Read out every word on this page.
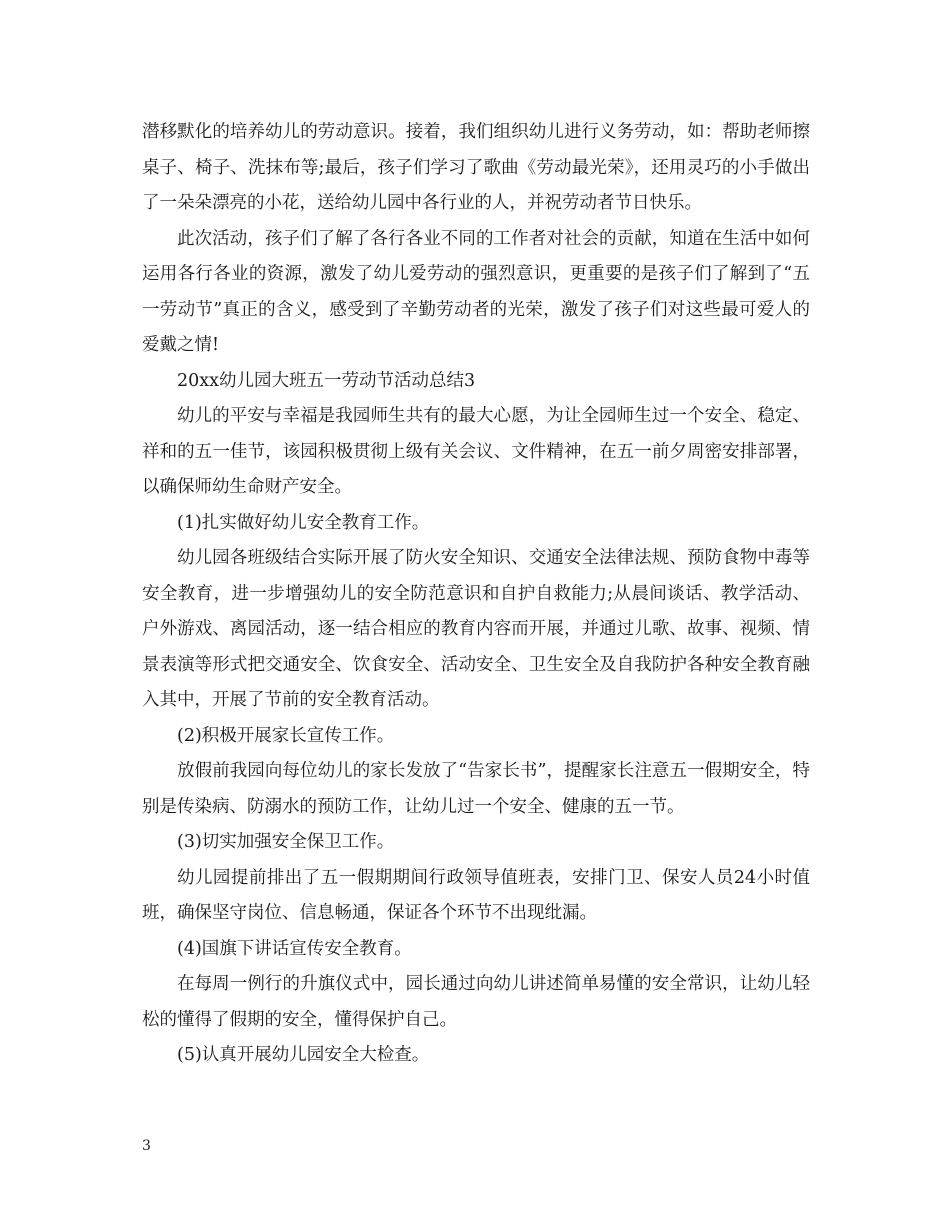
潜移默化的培养幼儿的劳动意识。接着，我们组织幼儿进行义务劳动，如：帮助老师擦桌子、椅子、洗抹布等;最后，孩子们学习了歌曲《劳动最光荣》，还用灵巧的小手做出了一朵朵漂亮的小花，送给幼儿园中各行业的人，并祝劳动者节日快乐。

此次活动，孩子们了解了各行各业不同的工作者对社会的贡献，知道在生活中如何运用各行各业的资源，激发了幼儿爱劳动的强烈意识，更重要的是孩子们了解到了“五一劳动节”真正的含义，感受到了辛勤劳动者的光荣，激发了孩子们对这些最可爱人的爱戴之情!

20xx幼儿园大班五一劳动节活动总结3

幼儿的平安与幸福是我园师生共有的最大心愿，为让全园师生过一个安全、稳定、祥和的五一佳节，该园积极贯彻上级有关会议、文件精神，在五一前夕周密安排部署，以确保师幼生命财产安全。

(1)扎实做好幼儿安全教育工作。

幼儿园各班级结合实际开展了防火安全知识、交通安全法律法规、预防食物中毒等安全教育，进一步增强幼儿的安全防范意识和自护自救能力;从晨间谈话、教学活动、户外游戏、离园活动，逐一结合相应的教育内容而开展，并通过儿歌、故事、视频、情景表演等形式把交通安全、饮食安全、活动安全、卫生安全及自我防护各种安全教育融入其中，开展了节前的安全教育活动。

(2)积极开展家长宣传工作。

放假前我园向每位幼儿的家长发放了“告家长书”，提醒家长注意五一假期安全，特别是传染病、防溺水的预防工作，让幼儿过一个安全、健康的五一节。

(3)切实加强安全保卫工作。

幼儿园提前排出了五一假期期间行政领导值班表，安排门卫、保安人员24小时值班，确保坚守岗位、信息畅通，保证各个环节不出现纰漏。

(4)国旗下讲话宣传安全教育。

在每周一例行的升旗仪式中，园长通过向幼儿讲述简单易懂的安全常识，让幼儿轻松的懂得了假期的安全，懂得保护自己。

(5)认真开展幼儿园安全大检查。

3
